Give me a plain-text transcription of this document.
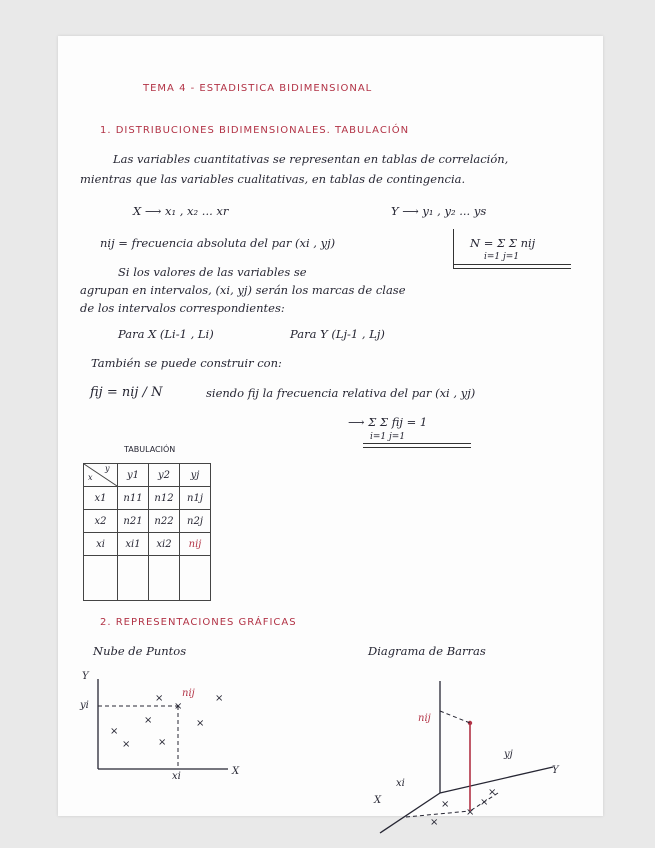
TEMA 4 - ESTADISTICA BIDIMENSIONAL
1. DISTRIBUCIONES BIDIMENSIONALES. TABULACIÓN
Las variables cuantitativas se representan en tablas de correlación,
mientras que las variables cualitativas, en tablas de contingencia.
X ⟶ x₁ , x₂ ... xr	Y ⟶ y₁ , y₂ ... ys
nij = frecuencia absoluta del par (xi , yj)	N = Σ Σ nij
i=1 j=1
Si los valores de las variables se
agrupan en intervalos, (xi, yj) serán los marcas de clase
de los intervalos correspondientes:
Para X (Li-1 , Li)	Para Y (Lj-1 , Lj)
También se puede construir con:
fij = nij / N	siendo fij la frecuencia relativa del par (xi , yj)
⟶ Σ Σ fij = 1
i=1 j=1
TABULACIÓN
x
y	y1	y2	yj
x1	n11	n12	n1j
x2	n21	n22	n2j
xi	xi1	xi2	nij

2. REPRESENTACIONES GRÁFICAS
Nube de Puntos	Diagrama de Barras
×
×
×
×	×
×
×	×
Y
yi
xi	X
nij
×	×
×
×
×
nij
yj
xi
Y
X
